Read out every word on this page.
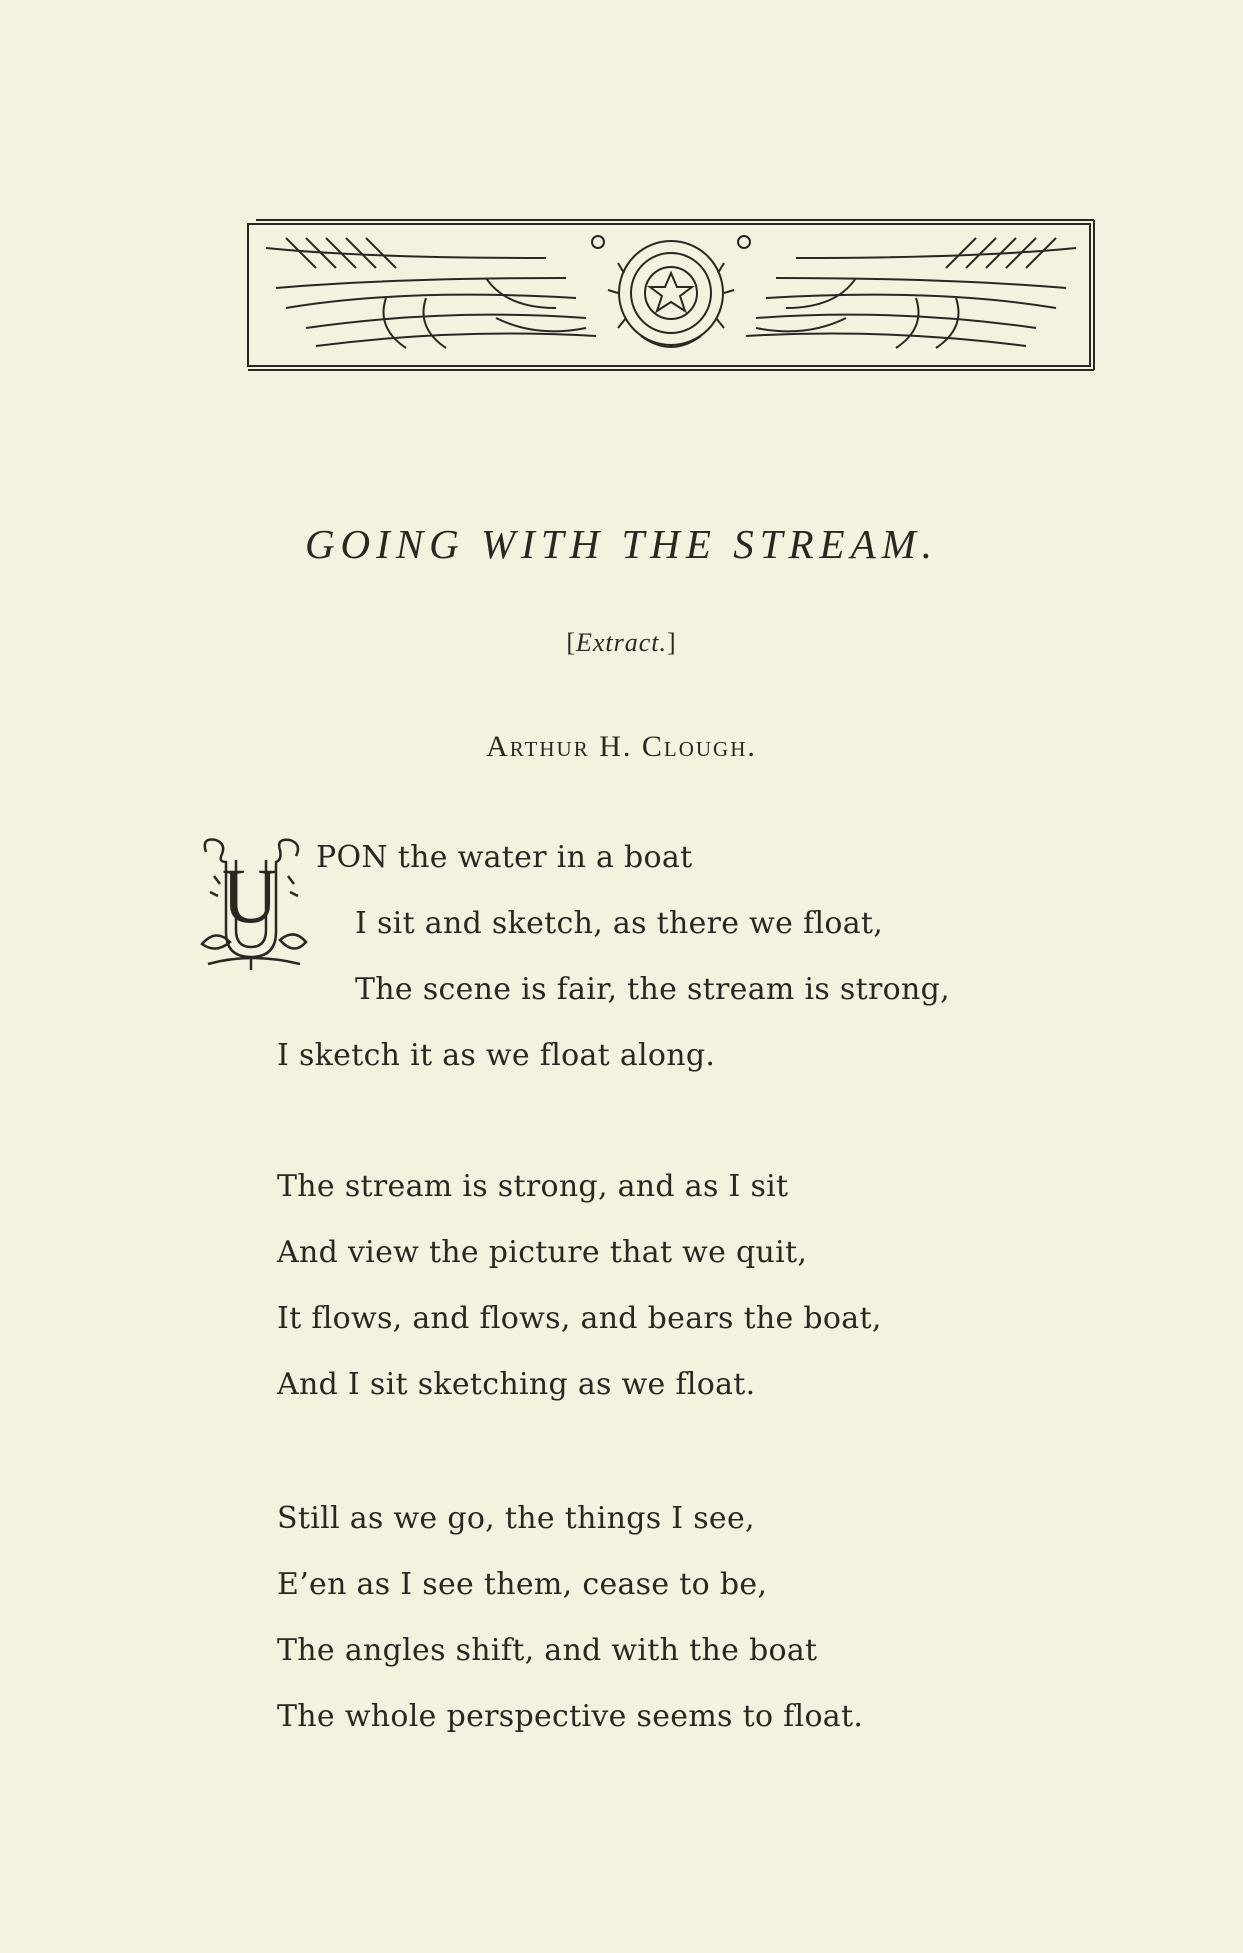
GOING WITH THE STREAM.
[Extract.]
Arthur H. Clough.
U PON the water in a boat
I sit and sketch, as there we float,
The scene is fair, the stream is strong,
I sketch it as we float along.
The stream is strong, and as I sit
And view the picture that we quit,
It flows, and flows, and bears the boat,
And I sit sketching as we float.
Still as we go, the things I see,
E’en as I see them, cease to be,
The angles shift, and with the boat
The whole perspective seems to float.
